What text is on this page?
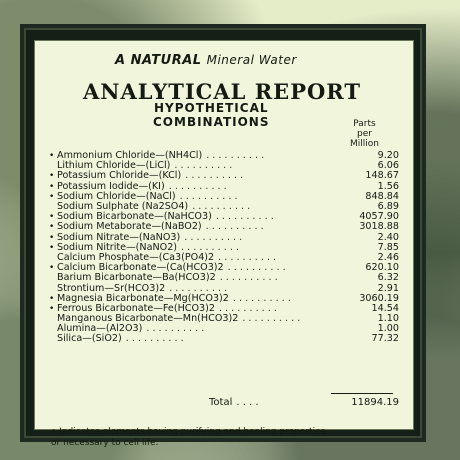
A NATURAL Mineral Water
ANALYTICAL REPORT
HYPOTHETICAL
COMBINATIONS	Parts
per
Million
• Ammonium Chloride—(NH4Cl) . .	9.20
Lithium Chloride—(LiCl) . .	6.06
• Potassium Chloride—(KCl) . .	148.67
• Potassium Iodide—(KI) . .	1.56
• Sodium Chloride—(NaCl) . .	848.84
Sodium Sulphate (Na2SO4) . .	6.89
• Sodium Bicarbonate—(NaHCO3) . .	4057.90
• Sodium Metaborate—(NaBO2) . .	3018.88
• Sodium Nitrate—(NaNO3) . .	2.40
• Sodium Nitrite—(NaNO2) . .	7.85
Calcium Phosphate—(Ca3(PO4)2 . .	2.46
• Calcium Bicarbonate—(Ca(HCO3)2 . .	620.10
Barium Bicarbonate—Ba(HCO3)2 . .	6.32
Strontium—Sr(HCO3)2 . .	2.91
• Magnesia Bicarbonate—Mg(HCO3)2 . .	3060.19
• Ferrous Bicarbonate—Fe(HCO3)2 . .	14.54
Manganous Bicarbonate—Mn(HCO3)2 . .	1.10
Alumina—(Al2O3) . .	1.00
Silica—(SiO2) . .	77.32
Total . .	11894.19
• Indicates elements having purifying and healing properties
or necessary to cell life.
